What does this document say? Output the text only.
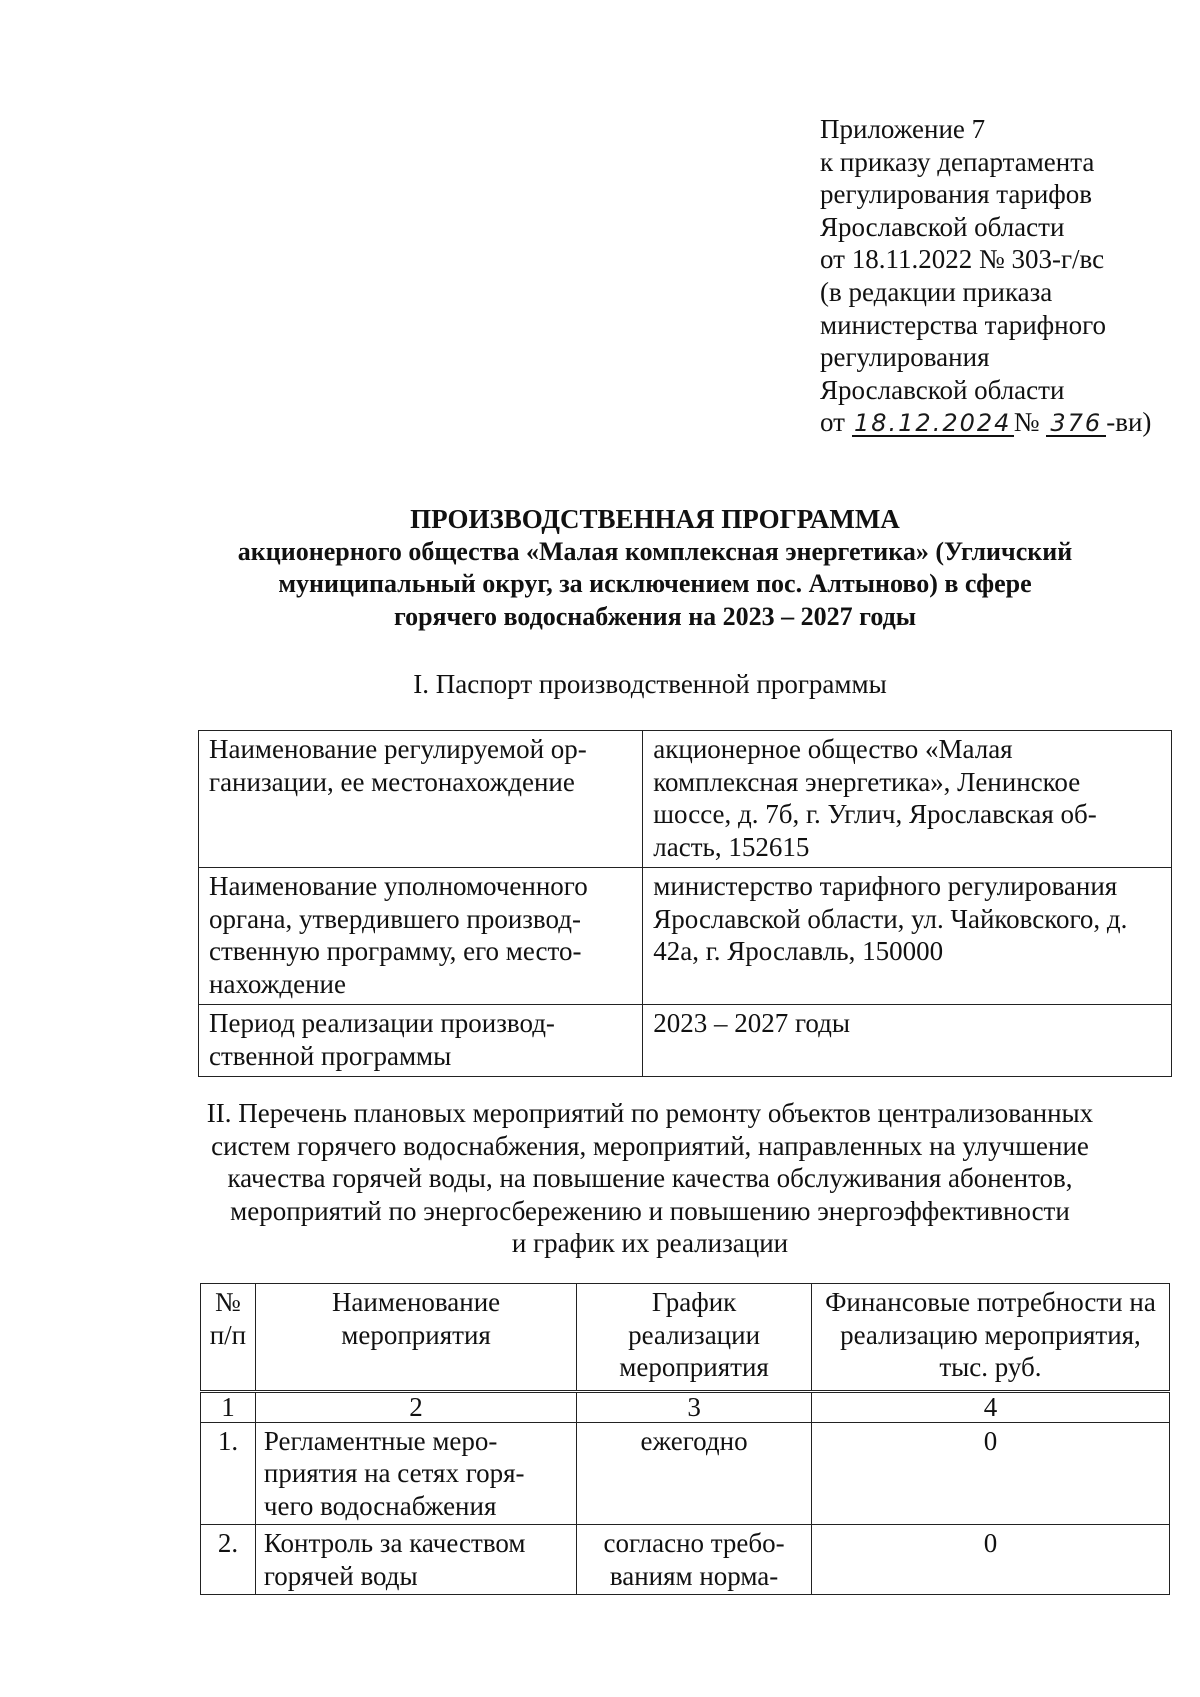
Приложение 7
к приказу департамента
регулирования тарифов
Ярославской области
от 18.11.2022 № 303-г/вс
(в редакции приказа
министерства тарифного
регулирования
Ярославской области
от 18.12.2024№ 376 -ви)
ПРОИЗВОДСТВЕННАЯ ПРОГРАММА
акционерного общества «Малая комплексная энергетика» (Угличский
муниципальный округ, за исключением пос. Алтыново) в сфере
горячего водоснабжения на 2023 – 2027 годы
I. Паспорт производственной программы
Наименование регулируемой ор-ганизации, ее местонахождение	акционерное общество «Малая комплексная энергетика», Ленинское шоссе, д. 7б, г. Углич, Ярославская об-ласть, 152615
Наименование уполномоченного органа, утвердившего производ-ственную программу, его место-нахождение	министерство тарифного регулирования Ярославской области, ул. Чайковского, д. 42а, г. Ярославль, 150000
Период реализации производ-ственной программы	2023 – 2027 годы
II. Перечень плановых мероприятий по ремонту объектов централизованных
систем горячего водоснабжения, мероприятий, направленных на улучшение
качества горячей воды, на повышение качества обслуживания абонентов,
мероприятий по энергосбережению и повышению энергоэффективности
и график их реализации
№ п/п	Наименование мероприятия	График реализации мероприятия	Финансовые потребности на реализацию мероприятия, тыс. руб.
1	2	3	4
1.	Регламентные меро-приятия на сетях горя-чего водоснабжения	ежегодно	0
2.	Контроль за качеством горячей воды	согласно требо-ваниям норма-	0
